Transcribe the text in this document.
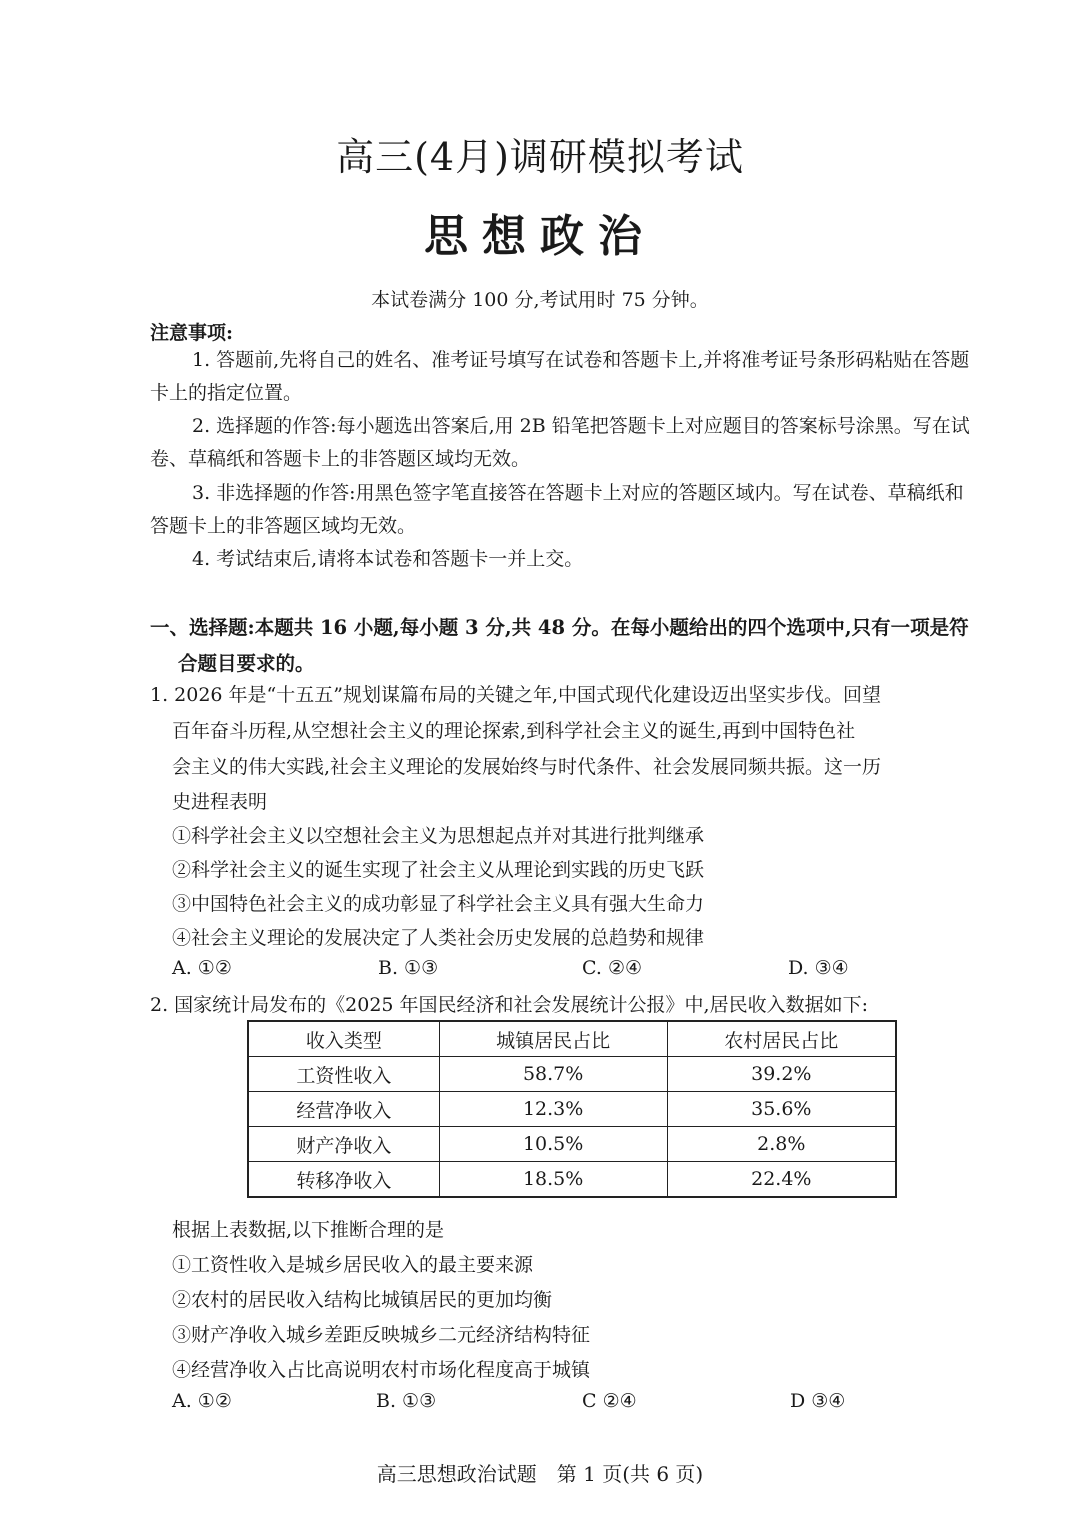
高三(4月)调研模拟考试
思想政治
本试卷满分 100 分,考试用时 75 分钟。
注意事项:
1. 答题前,先将自己的姓名、准考证号填写在试卷和答题卡上,并将准考证号条形码粘贴在答题卡上的指定位置。
2. 选择题的作答:每小题选出答案后,用 2B 铅笔把答题卡上对应题目的答案标号涂黑。写在试卷、草稿纸和答题卡上的非答题区域均无效。
3. 非选择题的作答:用黑色签字笔直接答在答题卡上对应的答题区域内。写在试卷、草稿纸和答题卡上的非答题区域均无效。
4. 考试结束后,请将本试卷和答题卡一并上交。
一、选择题:本题共 16 小题,每小题 3 分,共 48 分。在每小题给出的四个选项中,只有一项是符合题目要求的。
1. 2026 年是“十五五”规划谋篇布局的关键之年,中国式现代化建设迈出坚实步伐。回望
百年奋斗历程,从空想社会主义的理论探索,到科学社会主义的诞生,再到中国特色社
会主义的伟大实践,社会主义理论的发展始终与时代条件、社会发展同频共振。这一历
史进程表明
①科学社会主义以空想社会主义为思想起点并对其进行批判继承
②科学社会主义的诞生实现了社会主义从理论到实践的历史飞跃
③中国特色社会主义的成功彰显了科学社会主义具有强大生命力
④社会主义理论的发展决定了人类社会历史发展的总趋势和规律
A. ①②	B. ①③	C. ②④	D. ③④
2. 国家统计局发布的《2025 年国民经济和社会发展统计公报》中,居民收入数据如下:
收入类型	城镇居民占比	农村居民占比
工资性收入	58.7%	39.2%
经营净收入	12.3%	35.6%
财产净收入	10.5%	2.8%
转移净收入	18.5%	22.4%
根据上表数据,以下推断合理的是
①工资性收入是城乡居民收入的最主要来源
②农村的居民收入结构比城镇居民的更加均衡
③财产净收入城乡差距反映城乡二元经济结构特征
④经营净收入占比高说明农村市场化程度高于城镇
A. ①②	B. ①③	C ②④	D ③④
高三思想政治试题　第 1 页(共 6 页)
